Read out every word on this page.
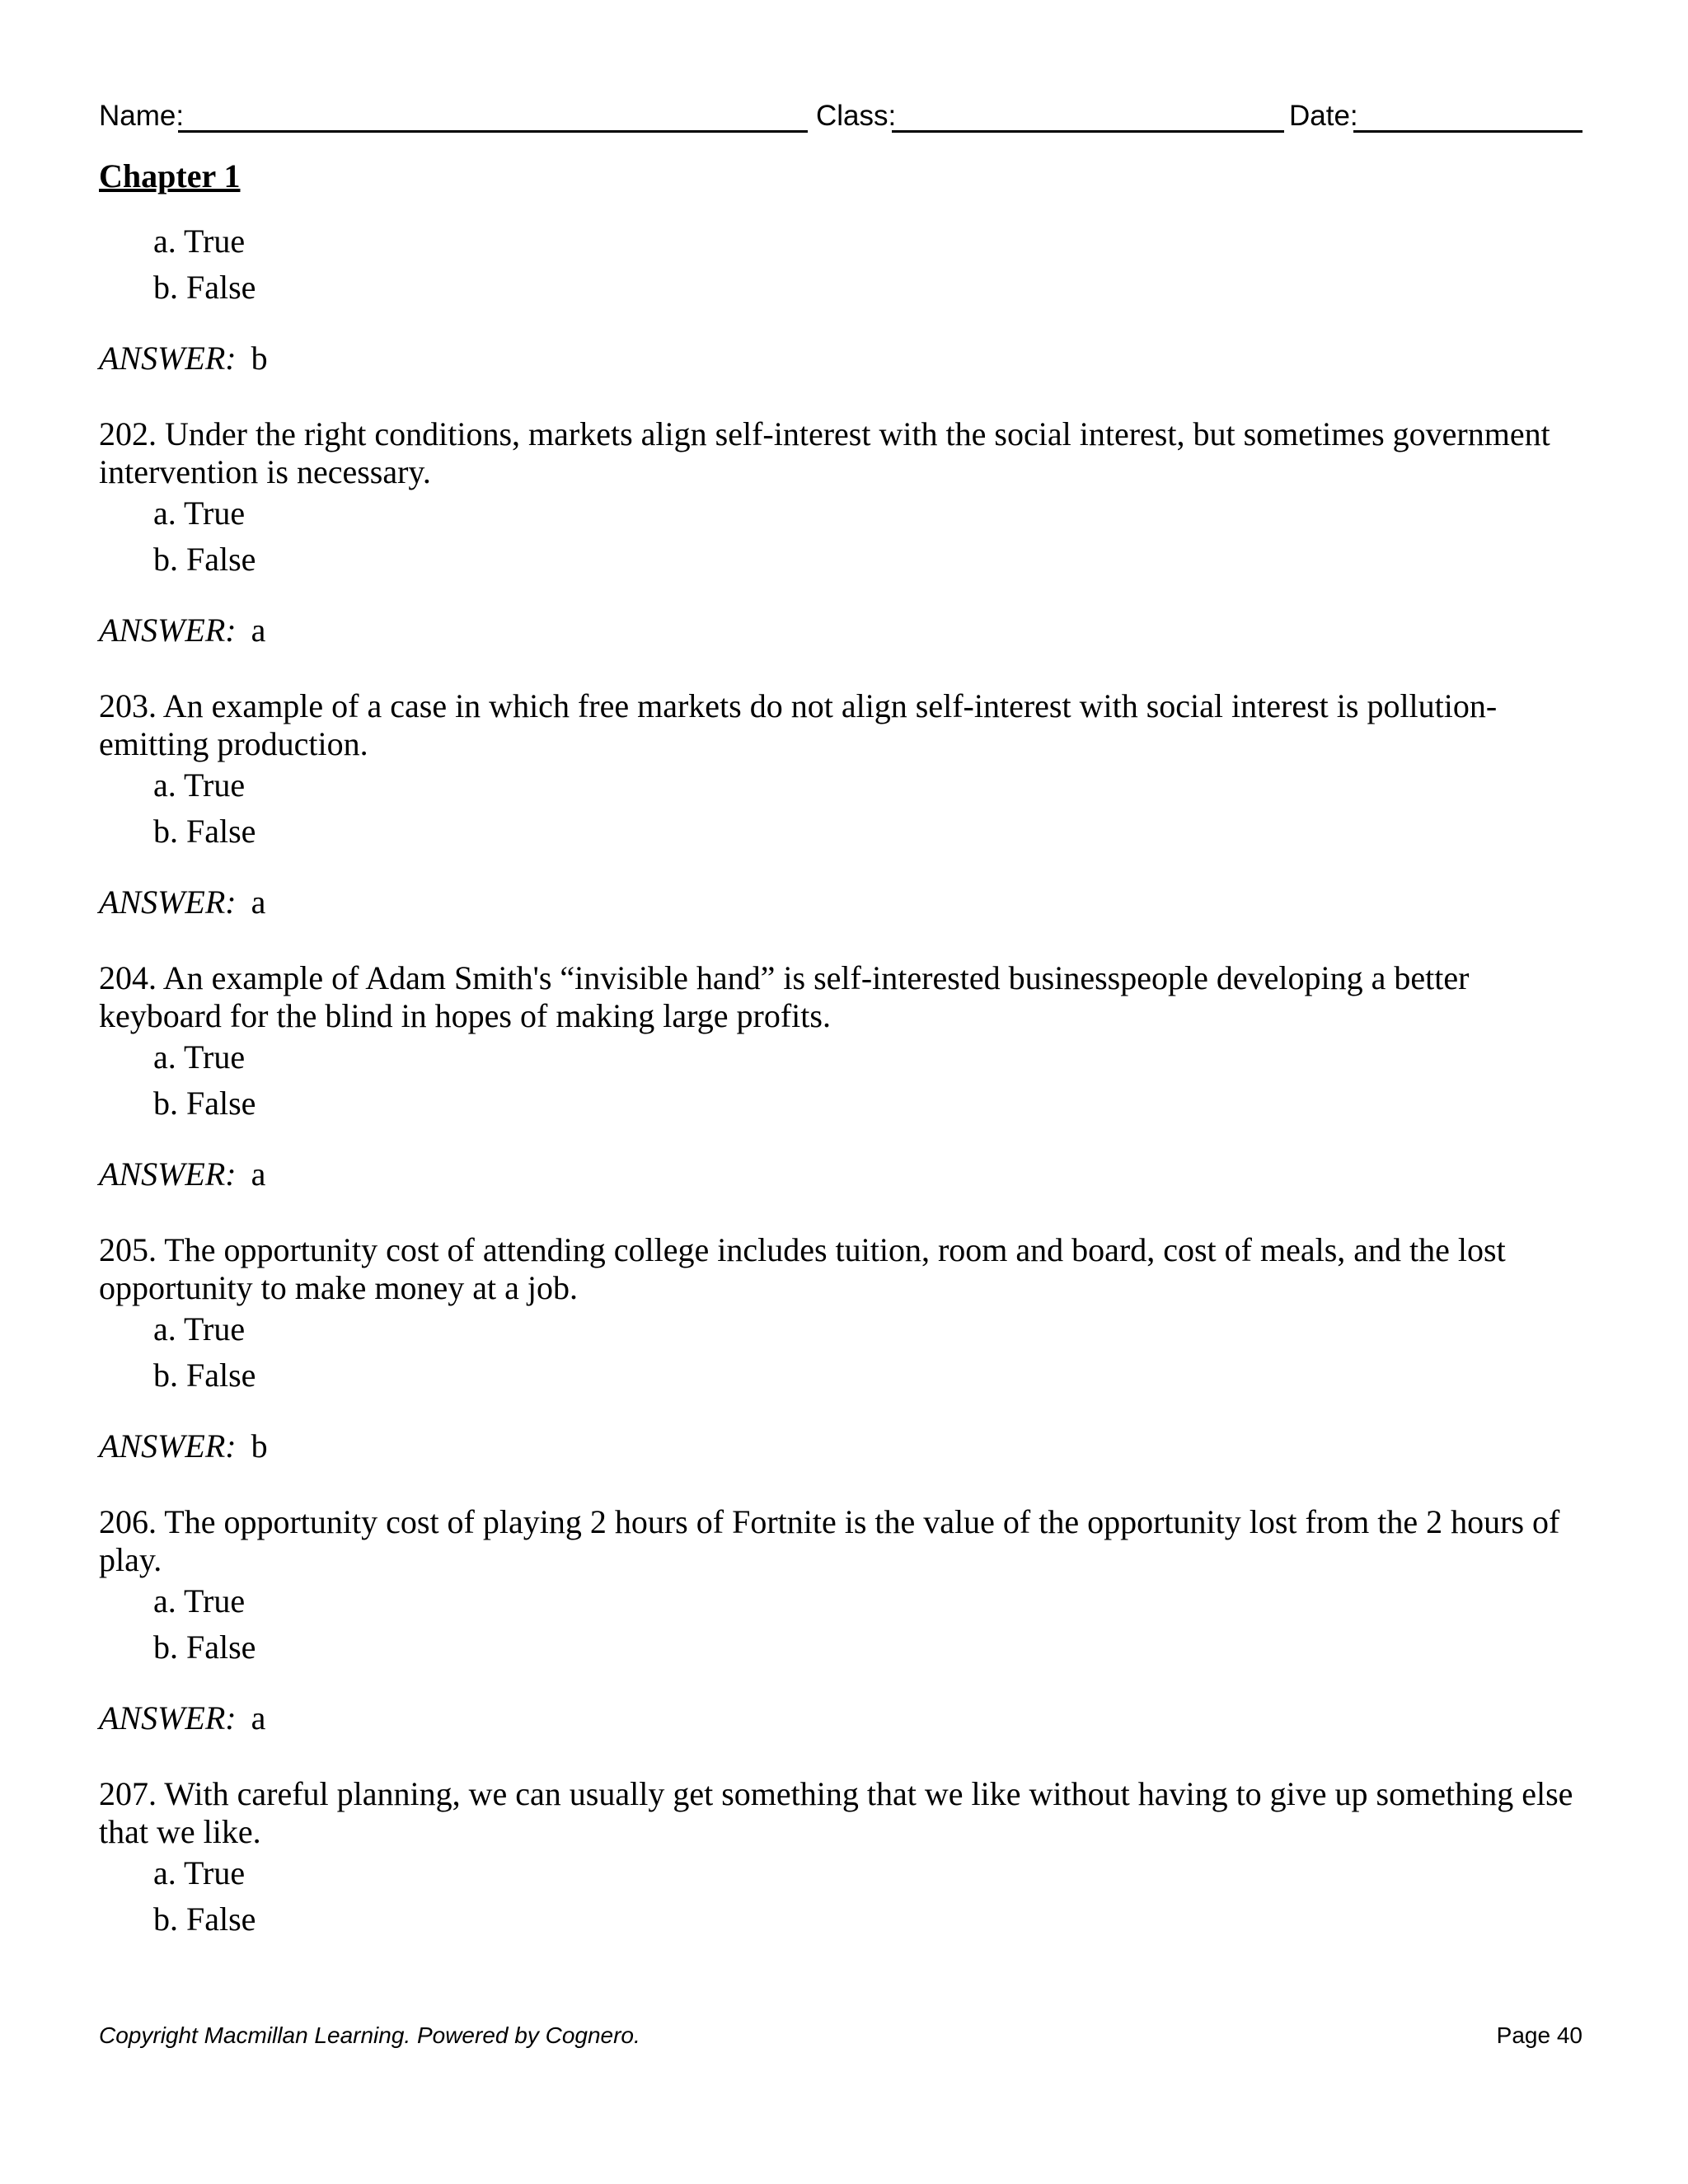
Name:	Class:	Date:
Chapter 1
a. True
b. False
ANSWER: b
202. Under the right conditions, markets align self-interest with the social interest, but sometimes government intervention is necessary.
a. True
b. False
ANSWER: a
203. An example of a case in which free markets do not align self-interest with social interest is pollution-emitting production.
a. True
b. False
ANSWER: a
204. An example of Adam Smith's “invisible hand” is self-interested businesspeople developing a better keyboard for the blind in hopes of making large profits.
a. True
b. False
ANSWER: a
205. The opportunity cost of attending college includes tuition, room and board, cost of meals, and the lost opportunity to make money at a job.
a. True
b. False
ANSWER: b
206. The opportunity cost of playing 2 hours of Fortnite is the value of the opportunity lost from the 2 hours of play.
a. True
b. False
ANSWER: a
207. With careful planning, we can usually get something that we like without having to give up something else that we like.
a. True
b. False
Copyright Macmillan Learning. Powered by Cognero.	Page 40
